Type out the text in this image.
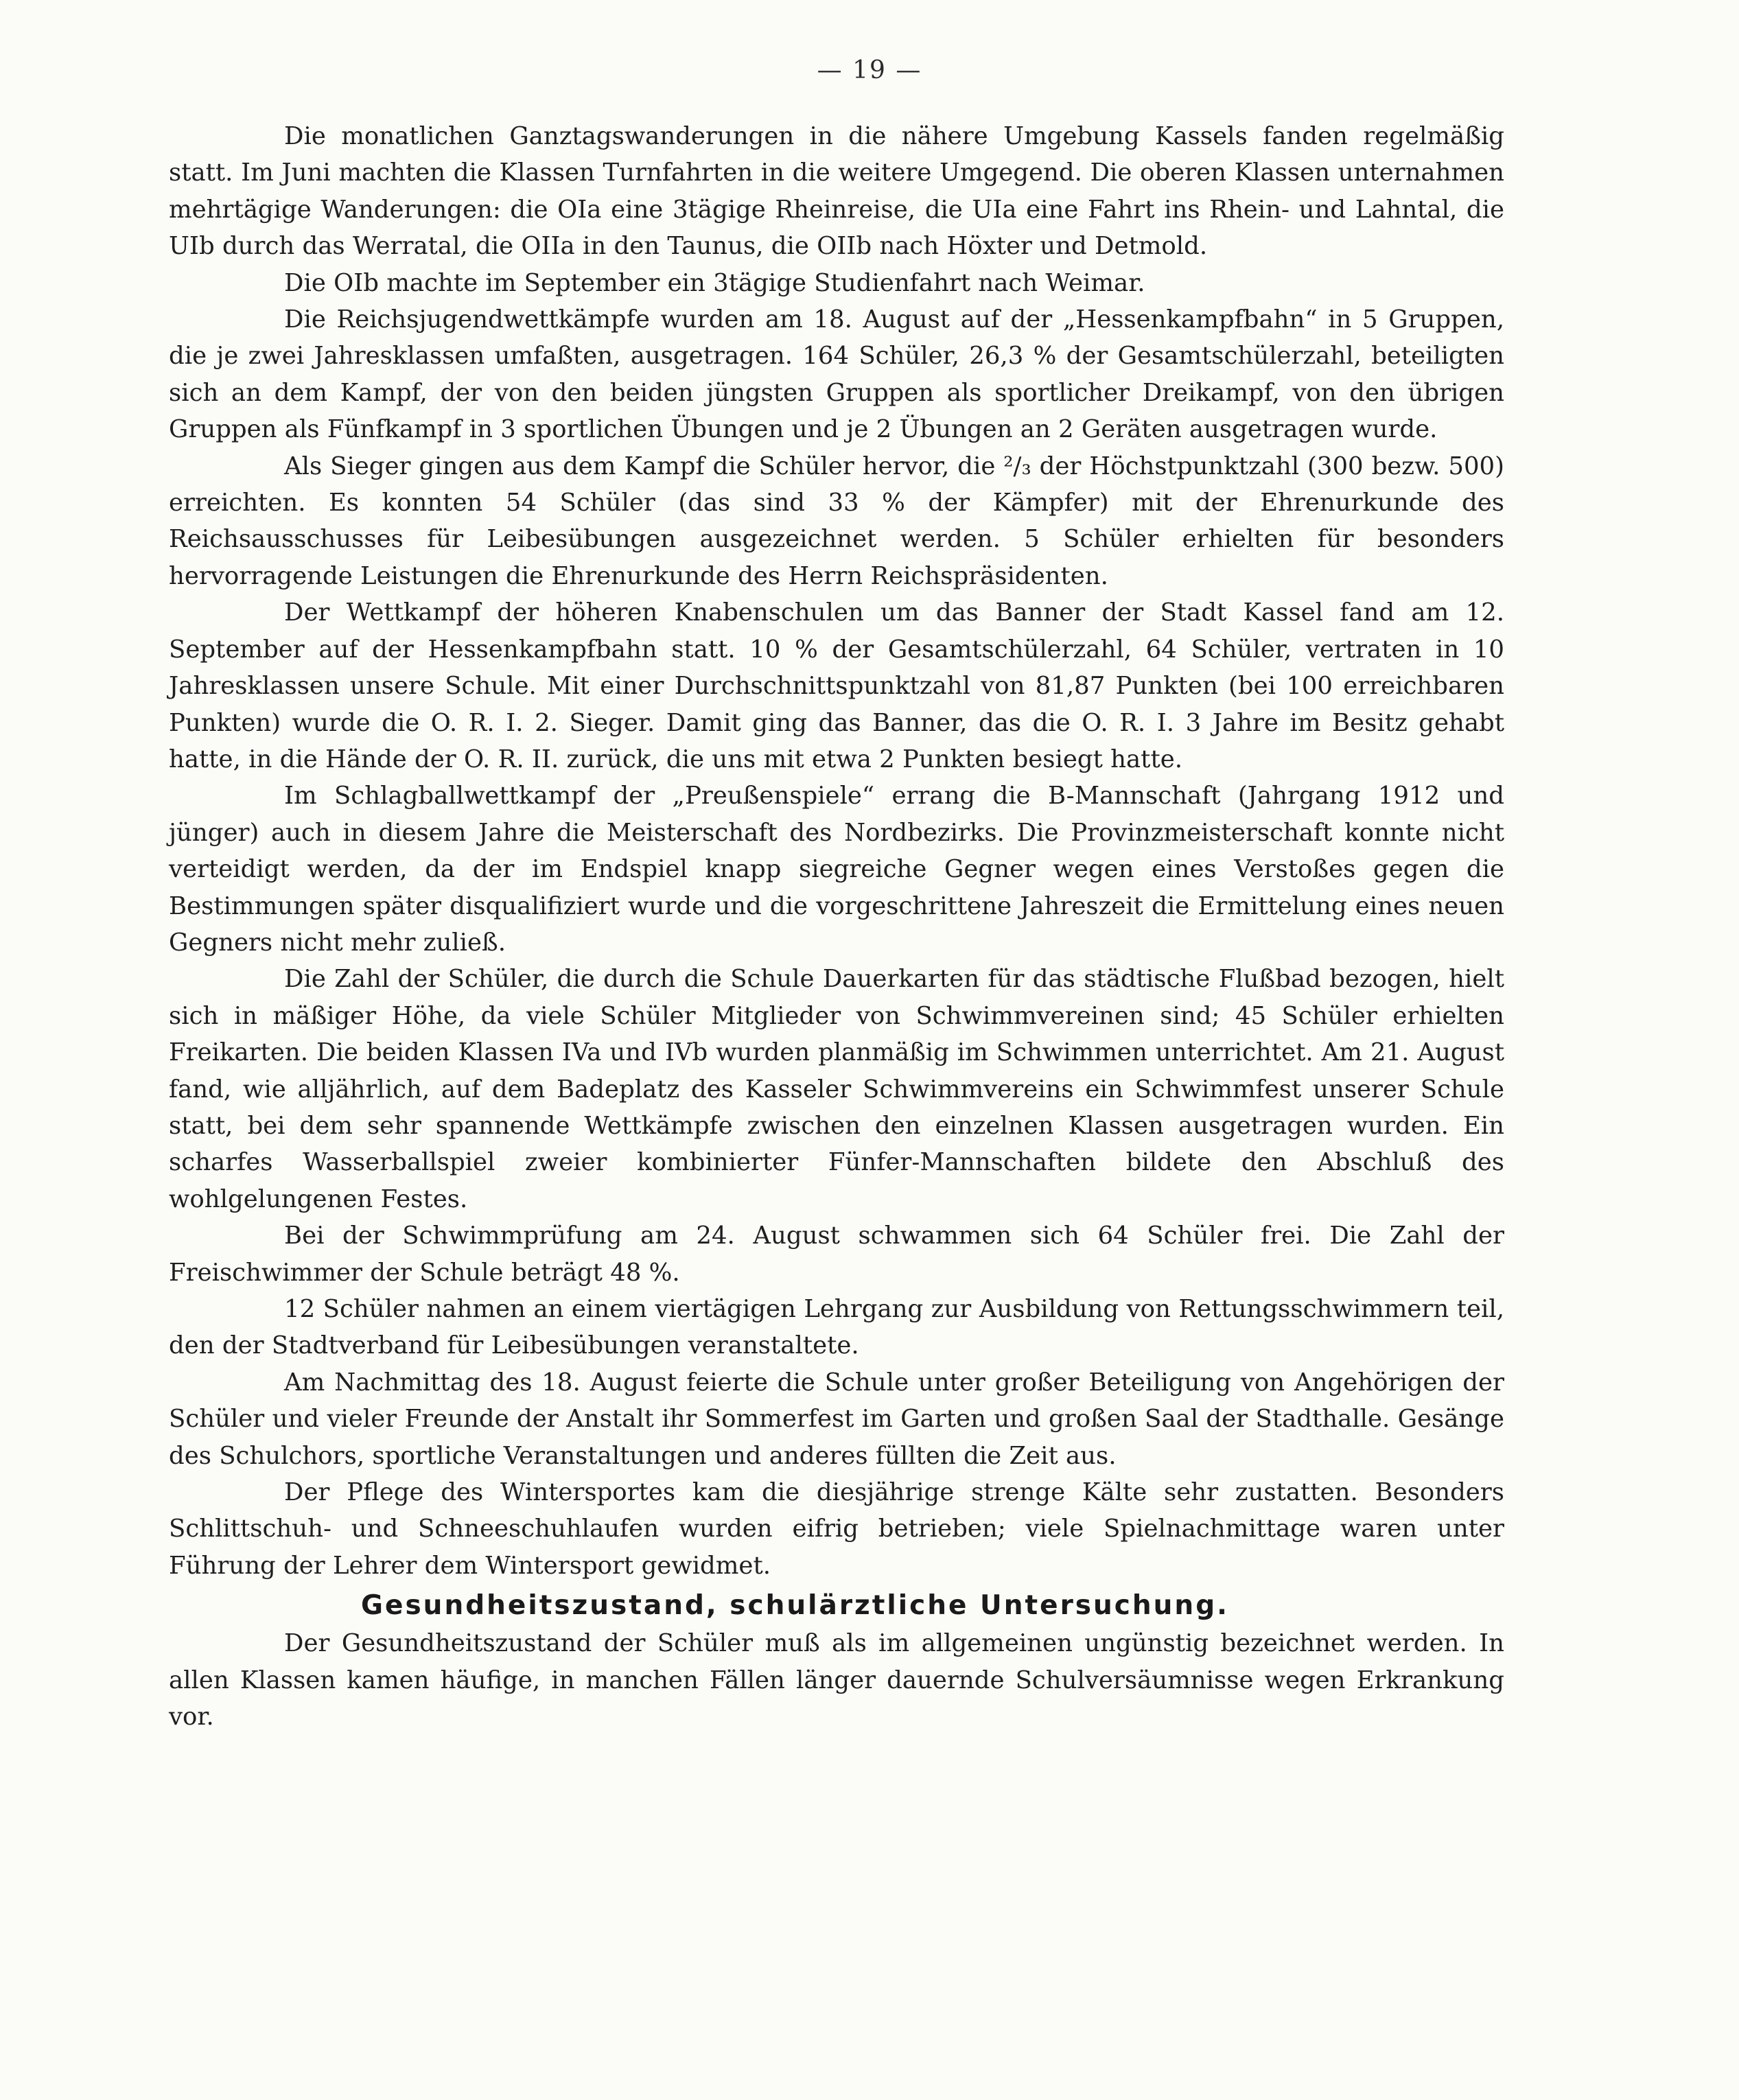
— 19 —

Die monatlichen Ganztagswanderungen in die nähere Umgebung Kassels fanden regelmäßig statt. Im Juni machten die Klassen Turnfahrten in die weitere Umgegend. Die oberen Klassen unternahmen mehrtägige Wanderungen: die OIa eine 3tägige Rheinreise, die UIa eine Fahrt ins Rhein- und Lahntal, die UIb durch das Werratal, die OIIa in den Taunus, die OIIb nach Höxter und Detmold.

Die OIb machte im September ein 3tägige Studienfahrt nach Weimar.

Die Reichsjugendwettkämpfe wurden am 18. August auf der „Hessenkampfbahn“ in 5 Gruppen, die je zwei Jahresklassen umfaßten, ausgetragen. 164 Schüler, 26,3 % der Gesamtschülerzahl, beteiligten sich an dem Kampf, der von den beiden jüngsten Gruppen als sportlicher Dreikampf, von den übrigen Gruppen als Fünfkampf in 3 sportlichen Übungen und je 2 Übungen an 2 Geräten ausgetragen wurde.

Als Sieger gingen aus dem Kampf die Schüler hervor, die ²/₃ der Höchstpunktzahl (300 bezw. 500) erreichten. Es konnten 54 Schüler (das sind 33 % der Kämpfer) mit der Ehrenurkunde des Reichsausschusses für Leibesübungen ausgezeichnet werden. 5 Schüler erhielten für besonders hervorragende Leistungen die Ehrenurkunde des Herrn Reichspräsidenten.

Der Wettkampf der höheren Knabenschulen um das Banner der Stadt Kassel fand am 12. September auf der Hessenkampfbahn statt. 10 % der Gesamtschülerzahl, 64 Schüler, vertraten in 10 Jahresklassen unsere Schule. Mit einer Durchschnittspunktzahl von 81,87 Punkten (bei 100 erreichbaren Punkten) wurde die O. R. I. 2. Sieger. Damit ging das Banner, das die O. R. I. 3 Jahre im Besitz gehabt hatte, in die Hände der O. R. II. zurück, die uns mit etwa 2 Punkten besiegt hatte.

Im Schlagballwettkampf der „Preußenspiele“ errang die B-Mannschaft (Jahrgang 1912 und jünger) auch in diesem Jahre die Meisterschaft des Nordbezirks. Die Provinzmeisterschaft konnte nicht verteidigt werden, da der im Endspiel knapp siegreiche Gegner wegen eines Verstoßes gegen die Bestimmungen später disqualifiziert wurde und die vorgeschrittene Jahreszeit die Ermittelung eines neuen Gegners nicht mehr zuließ.

Die Zahl der Schüler, die durch die Schule Dauerkarten für das städtische Flußbad bezogen, hielt sich in mäßiger Höhe, da viele Schüler Mitglieder von Schwimmvereinen sind; 45 Schüler erhielten Freikarten. Die beiden Klassen IVa und IVb wurden planmäßig im Schwimmen unterrichtet. Am 21. August fand, wie alljährlich, auf dem Badeplatz des Kasseler Schwimmvereins ein Schwimmfest unserer Schule statt, bei dem sehr spannende Wettkämpfe zwischen den einzelnen Klassen ausgetragen wurden. Ein scharfes Wasserballspiel zweier kombinierter Fünfer-Mannschaften bildete den Abschluß des wohlgelungenen Festes.

Bei der Schwimmprüfung am 24. August schwammen sich 64 Schüler frei. Die Zahl der Freischwimmer der Schule beträgt 48 %.

12 Schüler nahmen an einem viertägigen Lehrgang zur Ausbildung von Rettungsschwimmern teil, den der Stadtverband für Leibesübungen veranstaltete.

Am Nachmittag des 18. August feierte die Schule unter großer Beteiligung von Angehörigen der Schüler und vieler Freunde der Anstalt ihr Sommerfest im Garten und großen Saal der Stadthalle. Gesänge des Schulchors, sportliche Veranstaltungen und anderes füllten die Zeit aus.

Der Pflege des Wintersportes kam die diesjährige strenge Kälte sehr zustatten. Besonders Schlittschuh- und Schneeschuhlaufen wurden eifrig betrieben; viele Spielnachmittage waren unter Führung der Lehrer dem Wintersport gewidmet.

Gesundheitszustand, schulärztliche Untersuchung.

Der Gesundheitszustand der Schüler muß als im allgemeinen ungünstig bezeichnet werden. In allen Klassen kamen häufige, in manchen Fällen länger dauernde Schulversäumnisse wegen Erkrankung vor.
